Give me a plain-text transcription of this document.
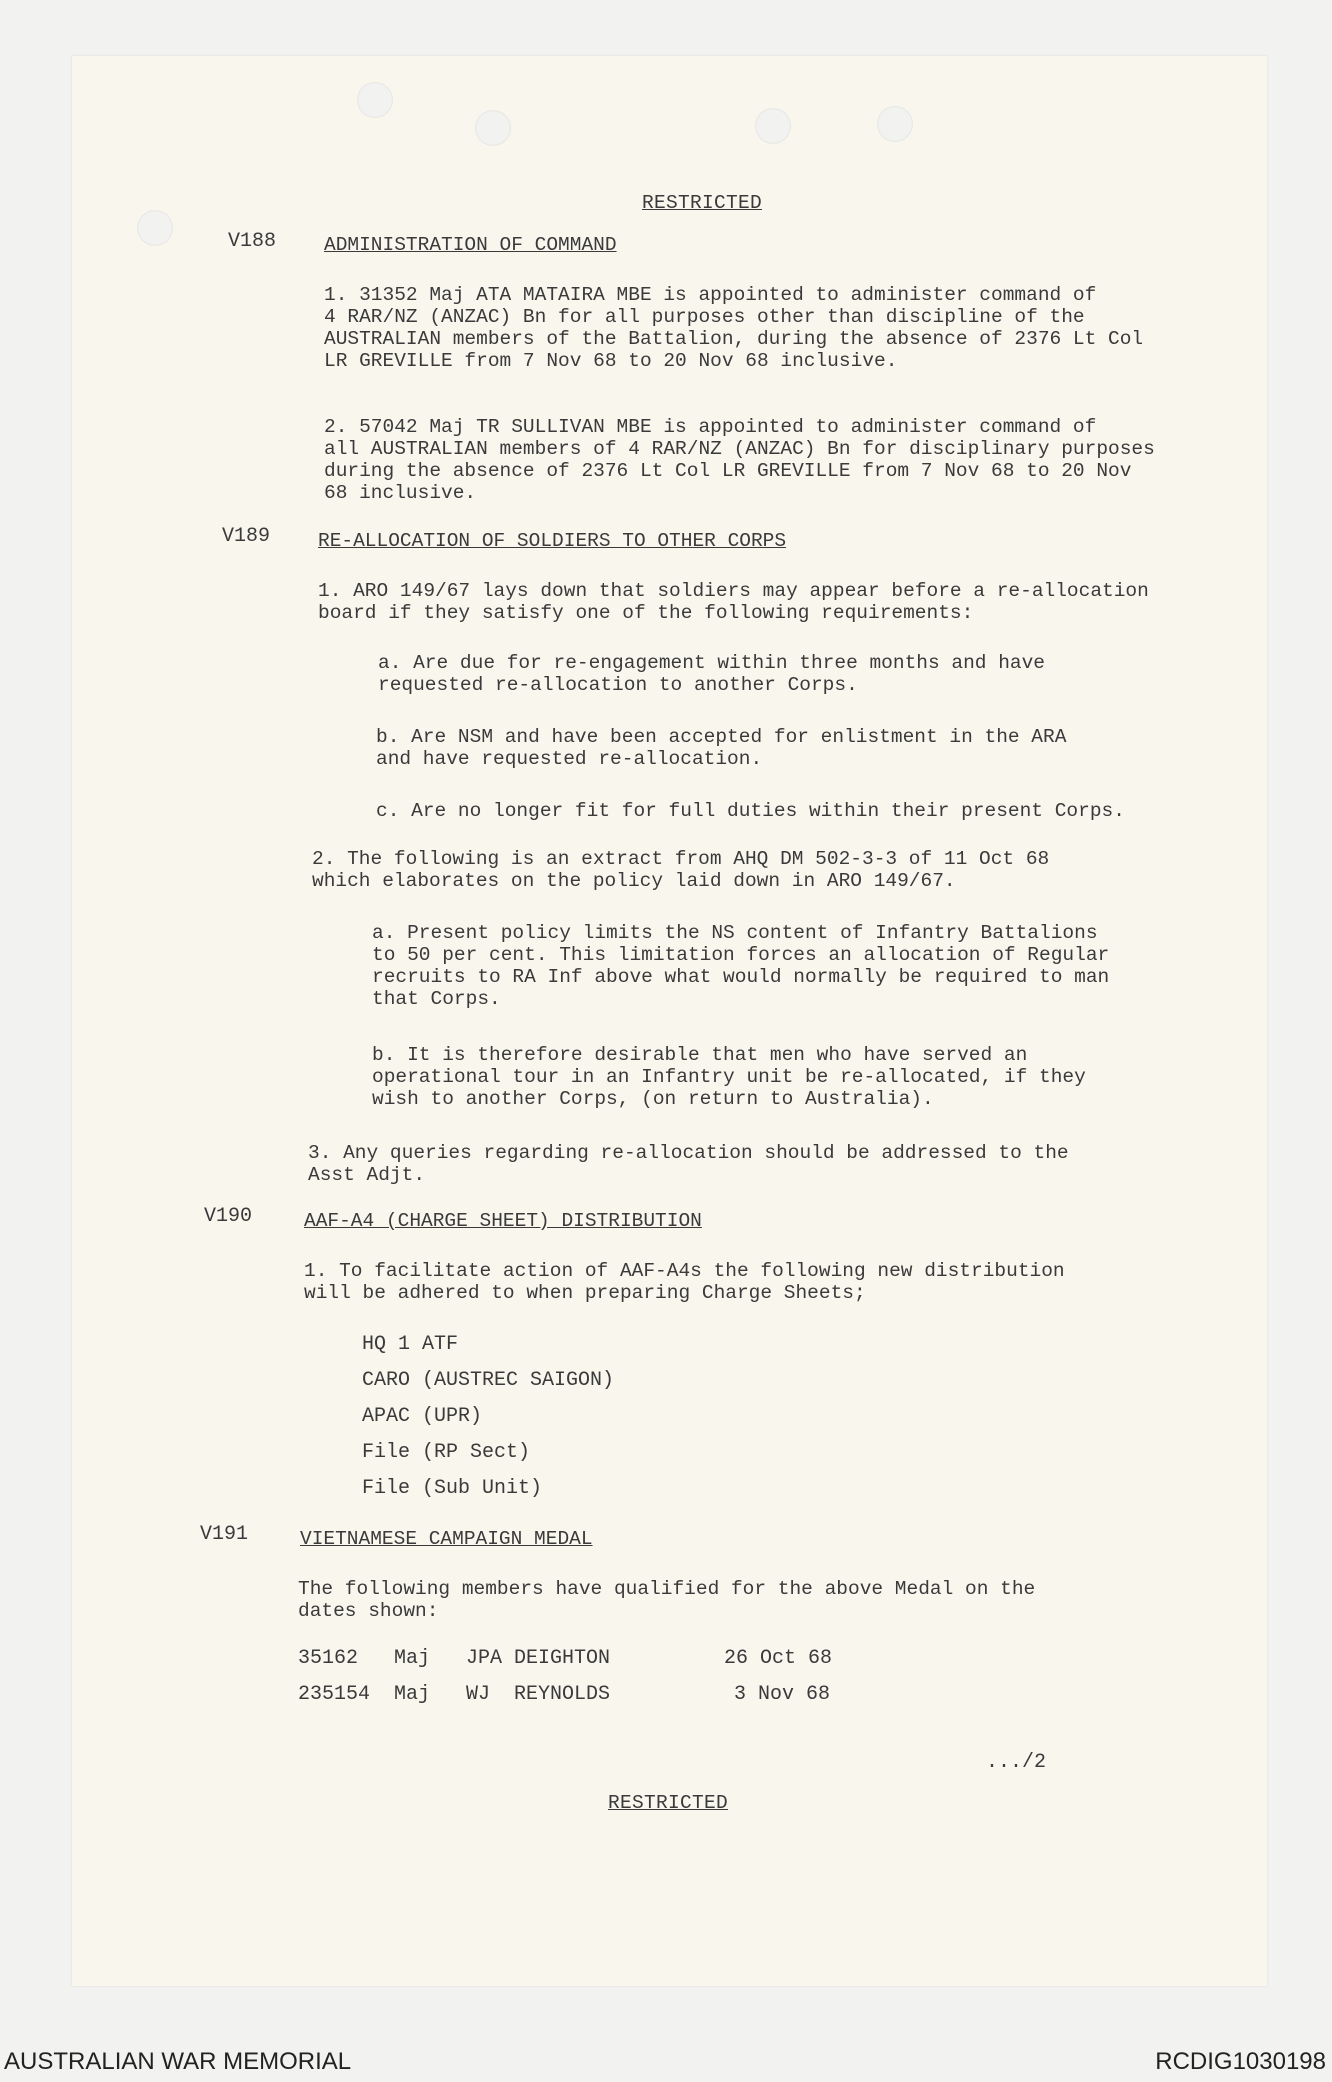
RESTRICTED
V188 ADMINISTRATION OF COMMAND
1. 31352 Maj ATA MATAIRA MBE is appointed to administer command of
4 RAR/NZ (ANZAC) Bn for all purposes other than discipline of the
AUSTRALIAN members of the Battalion, during the absence of 2376 Lt Col
LR GREVILLE from 7 Nov 68 to 20 Nov 68 inclusive.
2. 57042 Maj TR SULLIVAN MBE is appointed to administer command of
all AUSTRALIAN members of 4 RAR/NZ (ANZAC) Bn for disciplinary purposes
during the absence of 2376 Lt Col LR GREVILLE from 7 Nov 68 to 20 Nov
68 inclusive.
V189 RE-ALLOCATION OF SOLDIERS TO OTHER CORPS
1. ARO 149/67 lays down that soldiers may appear before a re-allocation
board if they satisfy one of the following requirements:
a. Are due for re-engagement within three months and have
requested re-allocation to another Corps.
b. Are NSM and have been accepted for enlistment in the ARA
and have requested re-allocation.
c. Are no longer fit for full duties within their present Corps.
2. The following is an extract from AHQ DM 502-3-3 of 11 Oct 68
which elaborates on the policy laid down in ARO 149/67.
a. Present policy limits the NS content of Infantry Battalions
to 50 per cent. This limitation forces an allocation of Regular
recruits to RA Inf above what would normally be required to man
that Corps.
b. It is therefore desirable that men who have served an
operational tour in an Infantry unit be re-allocated, if they
wish to another Corps, (on return to Australia).
3. Any queries regarding re-allocation should be addressed to the
Asst Adjt.
V190	AAF-A4 (CHARGE SHEET) DISTRIBUTION
1. To facilitate action of AAF-A4s the following new distribution
will be adhered to when preparing Charge Sheets;
HQ 1 ATF
CARO (AUSTREC SAIGON)
APAC (UPR)
File (RP Sect)
File (Sub Unit)
V191	VIETNAMESE CAMPAIGN MEDAL
The following members have qualified for the above Medal on the
dates shown:
35162 Maj JPA DEIGHTON	26 Oct 68
235154 Maj WJ REYNOLDS	3 Nov 68
.../2
RESTRICTED
AUSTRALIAN WAR MEMORIAL	RCDIG1030198
